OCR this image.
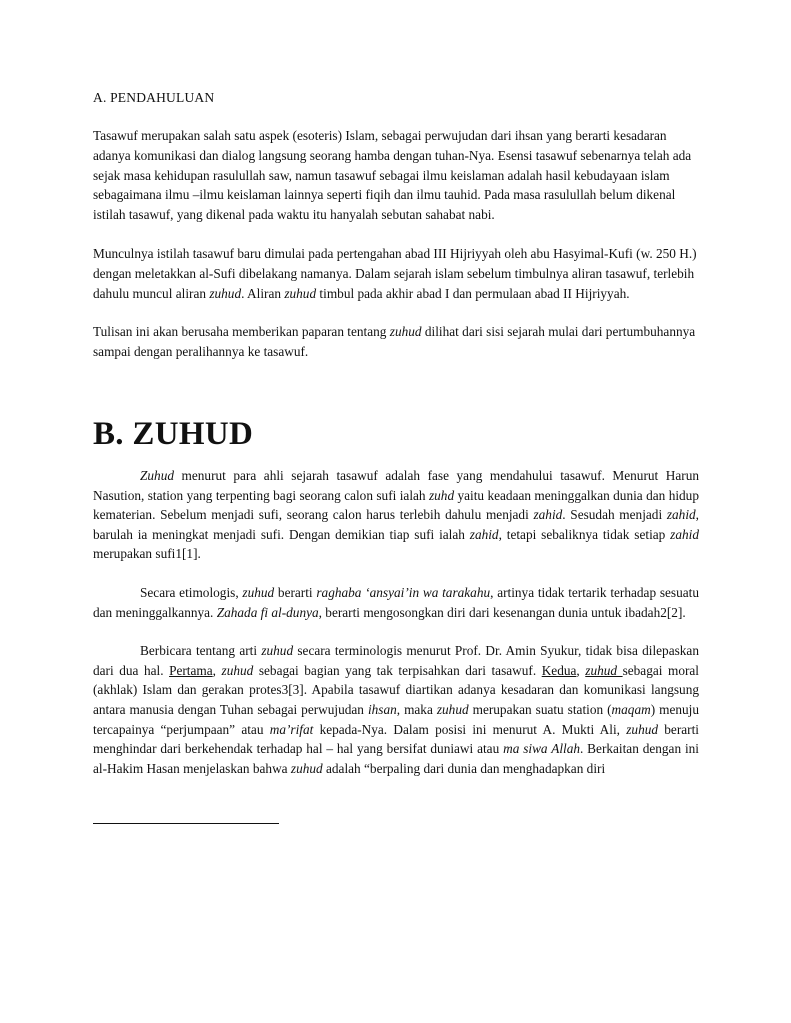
A. PENDAHULUAN

Tasawuf merupakan salah satu aspek (esoteris) Islam, sebagai perwujudan dari ihsan yang berarti kesadaran adanya komunikasi dan dialog langsung seorang hamba dengan tuhan-Nya. Esensi tasawuf sebenarnya telah ada sejak masa kehidupan rasulullah saw, namun tasawuf sebagai ilmu keislaman adalah hasil kebudayaan islam sebagaimana ilmu –ilmu keislaman lainnya seperti fiqih dan ilmu tauhid. Pada masa rasulullah belum dikenal istilah tasawuf, yang dikenal pada waktu itu hanyalah sebutan sahabat nabi.

Munculnya istilah tasawuf baru dimulai pada pertengahan abad III Hijriyyah oleh abu Hasyimal-Kufi (w. 250 H.) dengan meletakkan al-Sufi dibelakang namanya. Dalam sejarah islam sebelum timbulnya aliran tasawuf, terlebih dahulu muncul aliran zuhud. Aliran zuhud timbul pada akhir abad I dan permulaan abad II Hijriyyah.

Tulisan ini akan berusaha memberikan paparan tentang zuhud dilihat dari sisi sejarah mulai dari pertumbuhannya sampai dengan peralihannya ke tasawuf.

B. ZUHUD

Zuhud menurut para ahli sejarah tasawuf adalah fase yang mendahului tasawuf. Menurut Harun Nasution, station yang terpenting bagi seorang calon sufi ialah zuhd yaitu keadaan meninggalkan dunia dan hidup kematerian. Sebelum menjadi sufi, seorang calon harus terlebih dahulu menjadi zahid. Sesudah menjadi zahid, barulah ia meningkat menjadi sufi. Dengan demikian tiap sufi ialah zahid, tetapi sebaliknya tidak setiap zahid merupakan sufi1[1].

Secara etimologis, zuhud berarti raghaba ‘ansyai’in wa tarakahu, artinya tidak tertarik terhadap sesuatu dan meninggalkannya. Zahada fi al-dunya, berarti mengosongkan diri dari kesenangan dunia untuk ibadah2[2].

Berbicara tentang arti zuhud secara terminologis menurut Prof. Dr. Amin Syukur, tidak bisa dilepaskan dari dua hal. Pertama, zuhud sebagai bagian yang tak terpisahkan dari tasawuf. Kedua, zuhud sebagai moral (akhlak) Islam dan gerakan protes3[3]. Apabila tasawuf diartikan adanya kesadaran dan komunikasi langsung antara manusia dengan Tuhan sebagai perwujudan ihsan, maka zuhud merupakan suatu station (maqam) menuju tercapainya “perjumpaan” atau ma’rifat kepada-Nya. Dalam posisi ini menurut A. Mukti Ali, zuhud berarti menghindar dari berkehendak terhadap hal – hal yang bersifat duniawi atau ma siwa Allah. Berkaitan dengan ini al-Hakim Hasan menjelaskan bahwa zuhud adalah “berpaling dari dunia dan menghadapkan diri
